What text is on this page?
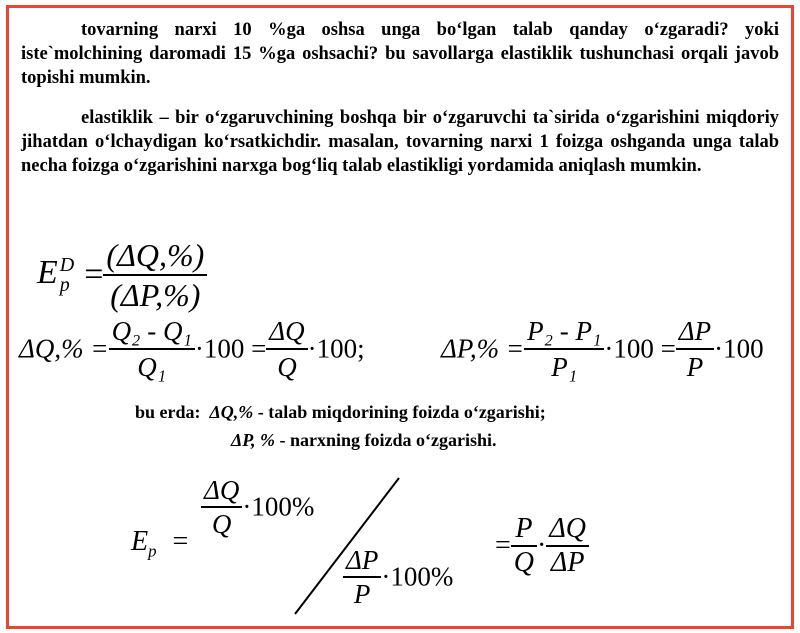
tovarning narxi 10 %ga oshsa unga bo‘lgan talab qanday o‘zgaradi? yoki iste`molchining daromadi 15 %ga oshsachi? bu savollarga elastiklik tushunchasi orqali javob topishi mumkin.

elastiklik – bir o‘zgaruvchining boshqa bir o‘zgaruvchi ta`sirida o‘zgarishini miqdoriy jihatdan o‘lchaydigan ko‘rsatkichdir. masalan, tovarning narxi 1 foizga oshganda unga talab necha foizga o‘zgarishini narxga bog‘liq talab elastikligi yordamida aniqlash mumkin.

E D
$p = \frac{(\Delta Q,\%)}{(\Delta P,\%)}$
$\Delta Q,\% = \frac{\text{Q₂ - Q₁}}{\text{Q₁}} \cdot 100 = \frac{\Delta Q}{Q} \cdot 100$;	$\Delta P,\% = \frac{\text{P₂ - P₁}}{\text{P₁}} \cdot 100 = \frac{\Delta P}{P} \cdot 100$
bu erda: ΔQ,% - talab miqdorining foizda o‘zgarishi;
ΔP, % - narxning foizda o‘zgarishi.
$E_p$ =
$\frac{\Delta Q}{Q} \cdot 100\%$
$\frac{\Delta P}{P} \cdot 100\%$
= $\frac{P}{Q} \cdot \frac{\Delta Q}{\Delta P}$
